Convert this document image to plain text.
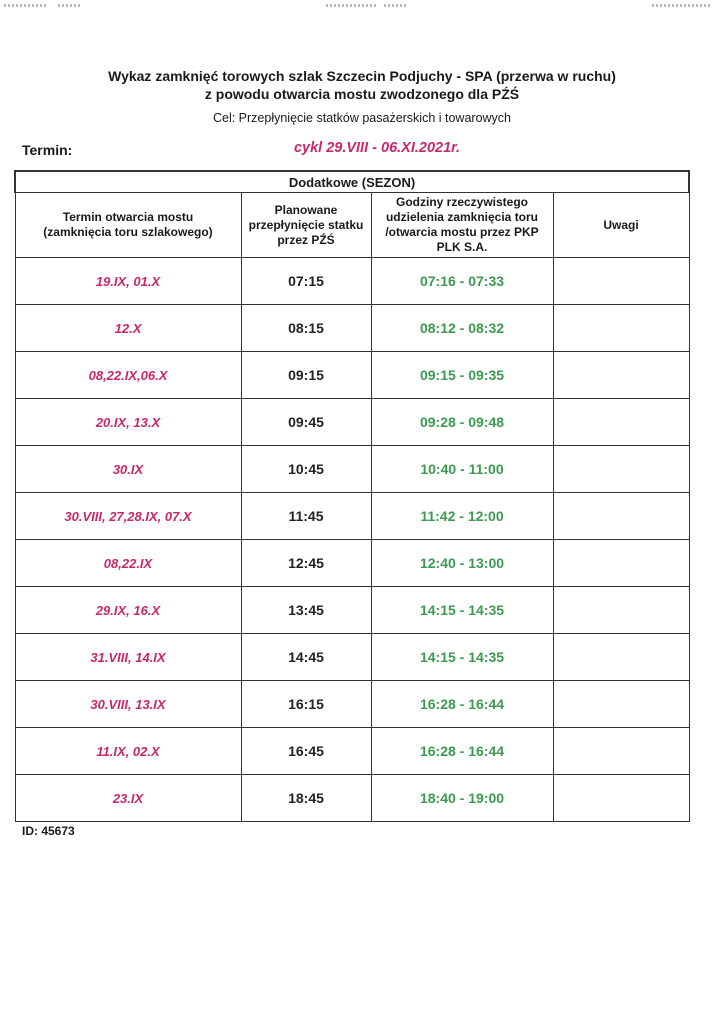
Wykaz zamknięć torowych szlak Szczecin Podjuchy - SPA (przerwa w ruchu)
z powodu otwarcia mostu zwodzonego dla PŹŚ
Cel: Przepłynięcie statków pasażerskich i towarowych
Termin:	cykl 29.VIII - 06.XI.2021r.
Dodatkowe (SEZON)			
Termin otwarcia mostu
(zamknięcia toru szlakowego)	Planowane
przepłynięcie statku
przez PŹŚ	Godziny rzeczywistego
udzielenia zamknięcia toru
/otwarcia mostu przez PKP
PLK S.A.	Uwagi
19.IX, 01.X	07:15	07:16 - 07:33	
12.X	08:15	08:12 - 08:32	
08,22.IX,06.X	09:15	09:15 - 09:35	
20.IX, 13.X	09:45	09:28 - 09:48	
30.IX	10:45	10:40 - 11:00	
30.VIII, 27,28.IX, 07.X	11:45	11:42 - 12:00	
08,22.IX	12:45	12:40 - 13:00	
29.IX, 16.X	13:45	14:15 - 14:35	
31.VIII, 14.IX	14:45	14:15 - 14:35	
30.VIII, 13.IX	16:15	16:28 - 16:44	
11.IX, 02.X	16:45	16:28 - 16:44	
23.IX	18:45	18:40 - 19:00	
ID: 45673
